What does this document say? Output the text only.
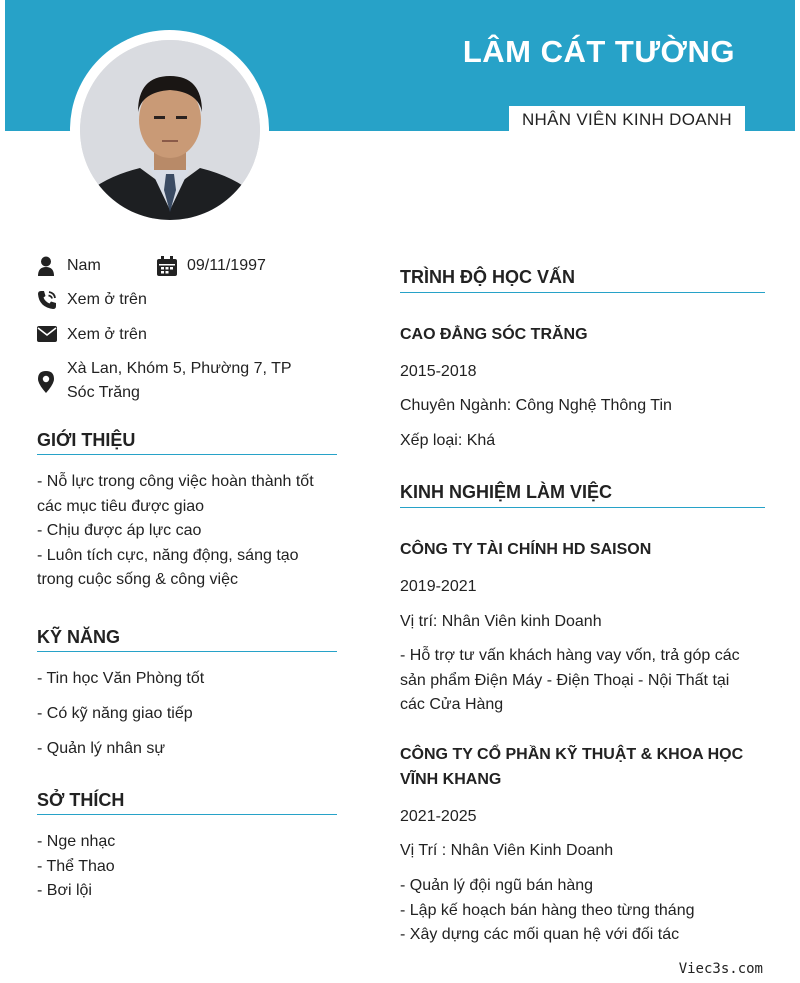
LÂM CÁT TƯỜNG
NHÂN VIÊN KINH DOANH
Nam	09/11/1997
Xem ở trên
Xem ở trên
Xà Lan, Khóm 5, Phường 7, TP
Sóc Trăng
GIỚI THIỆU
- Nỗ lực trong công việc hoàn thành tốt
các mục tiêu được giao
- Chịu được áp lực cao
- Luôn tích cực, năng động, sáng tạo
trong cuộc sống & công việc
KỸ NĂNG
- Tin học Văn Phòng tốt
- Có kỹ năng giao tiếp
- Quản lý nhân sự
SỞ THÍCH
- Nge nhạc
- Thể Thao
- Bơi lội
TRÌNH ĐỘ HỌC VẤN
CAO ĐẲNG SÓC TRĂNG
2015-2018
Chuyên Ngành: Công Nghệ Thông Tin
Xếp loại: Khá
KINH NGHIỆM LÀM VIỆC
CÔNG TY TÀI CHÍNH HD SAISON
2019-2021
Vị trí: Nhân Viên kinh Doanh
- Hỗ trợ tư vấn khách hàng vay vốn, trả góp các
sản phẩm Điện Máy - Điện Thoại - Nội Thất tại
các Cửa Hàng
CÔNG TY CỔ PHẦN KỸ THUẬT & KHOA HỌC
VĨNH KHANG
2021-2025
Vị Trí : Nhân Viên Kinh Doanh
- Quản lý đội ngũ bán hàng
- Lập kế hoạch bán hàng theo từng tháng
- Xây dựng các mối quan hệ với đối tác
Viec3s.com
